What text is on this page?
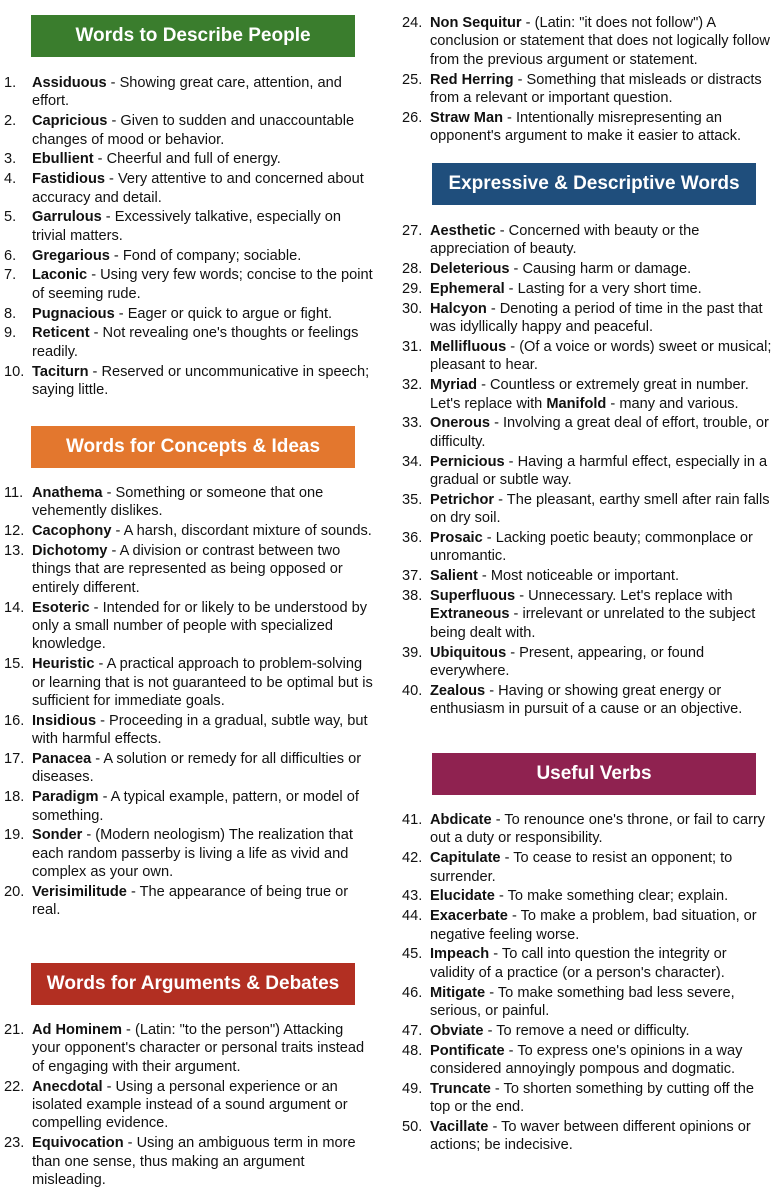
Words to Describe People
1. Assiduous - Showing great care, attention, and effort.
2. Capricious - Given to sudden and unaccountable changes of mood or behavior.
3. Ebullient - Cheerful and full of energy.
4. Fastidious - Very attentive to and concerned about accuracy and detail.
5. Garrulous - Excessively talkative, especially on trivial matters.
6. Gregarious - Fond of company; sociable.
7. Laconic - Using very few words; concise to the point of seeming rude.
8. Pugnacious - Eager or quick to argue or fight.
9. Reticent - Not revealing one's thoughts or feelings readily.
10. Taciturn - Reserved or uncommunicative in speech; saying little.
Words for Concepts & Ideas
11. Anathema - Something or someone that one vehemently dislikes.
12. Cacophony - A harsh, discordant mixture of sounds.
13. Dichotomy - A division or contrast between two things that are represented as being opposed or entirely different.
14. Esoteric - Intended for or likely to be understood by only a small number of people with specialized knowledge.
15. Heuristic - A practical approach to problem-solving or learning that is not guaranteed to be optimal but is sufficient for immediate goals.
16. Insidious - Proceeding in a gradual, subtle way, but with harmful effects.
17. Panacea - A solution or remedy for all difficulties or diseases.
18. Paradigm - A typical example, pattern, or model of something.
19. Sonder - (Modern neologism) The realization that each random passerby is living a life as vivid and complex as your own.
20. Verisimilitude - The appearance of being true or real.
Words for Arguments & Debates
21. Ad Hominem - (Latin: "to the person") Attacking your opponent's character or personal traits instead of engaging with their argument.
22. Anecdotal - Using a personal experience or an isolated example instead of a sound argument or compelling evidence.
23. Equivocation - Using an ambiguous term in more than one sense, thus making an argument misleading.
24. Non Sequitur - (Latin: "it does not follow") A conclusion or statement that does not logically follow from the previous argument or statement.
25. Red Herring - Something that misleads or distracts from a relevant or important question.
26. Straw Man - Intentionally misrepresenting an opponent's argument to make it easier to attack.
Expressive & Descriptive Words
27. Aesthetic - Concerned with beauty or the appreciation of beauty.
28. Deleterious - Causing harm or damage.
29. Ephemeral - Lasting for a very short time.
30. Halcyon - Denoting a period of time in the past that was idyllically happy and peaceful.
31. Mellifluous - (Of a voice or words) sweet or musical; pleasant to hear.
32. Myriad - Countless or extremely great in number. Let's replace with Manifold - many and various.
33. Onerous - Involving a great deal of effort, trouble, or difficulty.
34. Pernicious - Having a harmful effect, especially in a gradual or subtle way.
35. Petrichor - The pleasant, earthy smell after rain falls on dry soil.
36. Prosaic - Lacking poetic beauty; commonplace or unromantic.
37. Salient - Most noticeable or important.
38. Superfluous - Unnecessary. Let's replace with Extraneous - irrelevant or unrelated to the subject being dealt with.
39. Ubiquitous - Present, appearing, or found everywhere.
40. Zealous - Having or showing great energy or enthusiasm in pursuit of a cause or an objective.
Useful Verbs
41. Abdicate - To renounce one's throne, or fail to carry out a duty or responsibility.
42. Capitulate - To cease to resist an opponent; to surrender.
43. Elucidate - To make something clear; explain.
44. Exacerbate - To make a problem, bad situation, or negative feeling worse.
45. Impeach - To call into question the integrity or validity of a practice (or a person's character).
46. Mitigate - To make something bad less severe, serious, or painful.
47. Obviate - To remove a need or difficulty.
48. Pontificate - To express one's opinions in a way considered annoyingly pompous and dogmatic.
49. Truncate - To shorten something by cutting off the top or the end.
50. Vacillate - To waver between different opinions or actions; be indecisive.
